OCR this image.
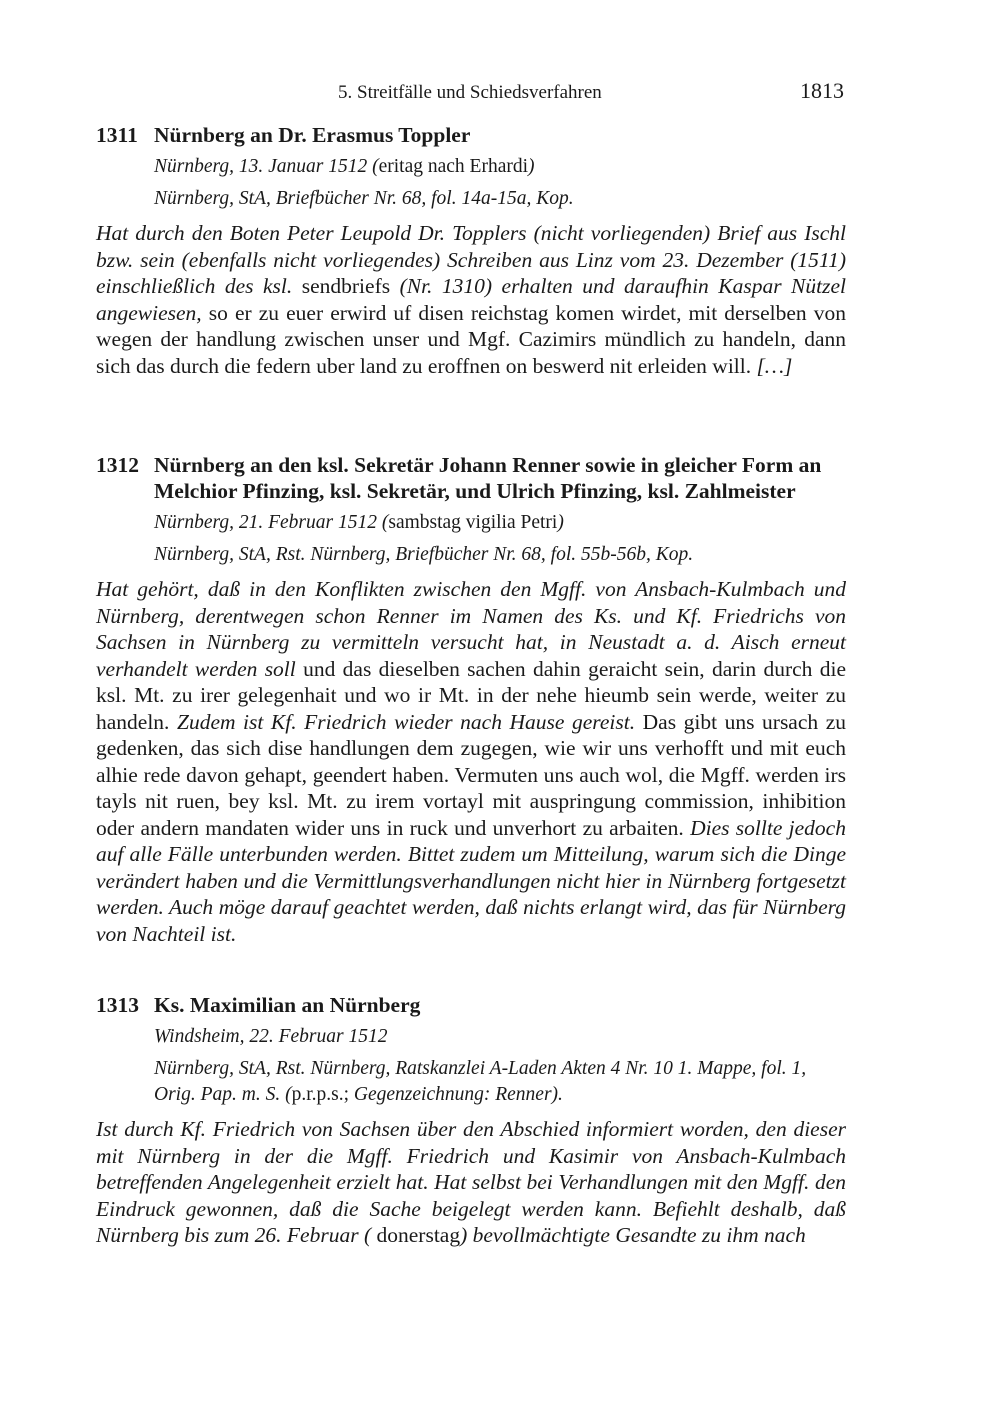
5. Streitfälle und Schiedsverfahren	1813
1311 Nürnberg an Dr. Erasmus Toppler
Nürnberg, 13. Januar 1512 (eritag nach Erhardi)
Nürnberg, StA, Briefbücher Nr. 68, fol. 14a-15a, Kop.
Hat durch den Boten Peter Leupold Dr. Topplers (nicht vorliegenden) Brief aus Ischl bzw. sein (ebenfalls nicht vorliegendes) Schreiben aus Linz vom 23. Dezember (1511) einschließlich des ksl. sendbriefs (Nr. 1310) erhalten und daraufhin Kaspar Nützel angewiesen, so er zu euer erwird uf disen reichstag komen wirdet, mit derselben von wegen der handlung zwischen unser und Mgf. Cazimirs mündlich zu handeln, dann sich das durch die federn uber land zu eroffnen on beswerd nit erleiden will. […]
1312 Nürnberg an den ksl. Sekretär Johann Renner sowie in gleicher Form an Melchior Pfinzing, ksl. Sekretär, und Ulrich Pfinzing, ksl. Zahlmeister
Nürnberg, 21. Februar 1512 (sambstag vigilia Petri)
Nürnberg, StA, Rst. Nürnberg, Briefbücher Nr. 68, fol. 55b-56b, Kop.
Hat gehört, daß in den Konflikten zwischen den Mgff. von Ansbach-Kulmbach und Nürnberg, derentwegen schon Renner im Namen des Ks. und Kf. Friedrichs von Sachsen in Nürnberg zu vermitteln versucht hat, in Neustadt a. d. Aisch erneut verhandelt werden soll und das dieselben sachen dahin geraicht sein, darin durch die ksl. Mt. zu irer gelegenhait und wo ir Mt. in der nehe hieumb sein werde, weiter zu handeln. Zudem ist Kf. Friedrich wieder nach Hause gereist. Das gibt uns ursach zu gedenken, das sich dise handlungen dem zugegen, wie wir uns verhofft und mit euch alhie rede davon gehapt, geendert haben. Vermuten uns auch wol, die Mgff. werden irs tayls nit ruen, bey ksl. Mt. zu irem vortayl mit auspringung commission, inhibition oder andern mandaten wider uns in ruck und unverhort zu arbaiten. Dies sollte jedoch auf alle Fälle unterbunden werden. Bittet zudem um Mitteilung, warum sich die Dinge verändert haben und die Vermittlungsverhandlungen nicht hier in Nürnberg fortgesetzt werden. Auch möge darauf geachtet werden, daß nichts erlangt wird, das für Nürnberg von Nachteil ist.
1313 Ks. Maximilian an Nürnberg
Windsheim, 22. Februar 1512
Nürnberg, StA, Rst. Nürnberg, Ratskanzlei A-Laden Akten 4 Nr. 10 1. Mappe, fol. 1, Orig. Pap. m. S. (p.r.p.s.; Gegenzeichnung: Renner).
Ist durch Kf. Friedrich von Sachsen über den Abschied informiert worden, den dieser mit Nürnberg in der die Mgff. Friedrich und Kasimir von Ansbach-Kulmbach betreffenden Angelegenheit erzielt hat. Hat selbst bei Verhandlungen mit den Mgff. den Eindruck gewonnen, daß die Sache beigelegt werden kann. Befiehlt deshalb, daß Nürnberg bis zum 26. Februar ( donerstag) bevollmächtigte Gesandte zu ihm nach
